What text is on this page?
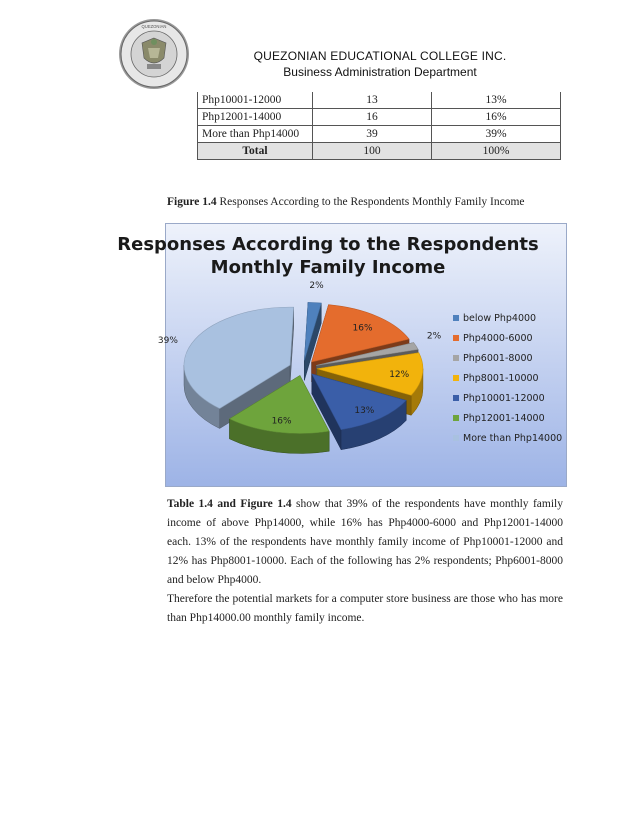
QUEZONIAN
QUEZONIAN EDUCATIONAL COLLEGE INC.
Business Administration Department
Php10001-12000	13	13%
Php12001-14000	16	16%
More than Php14000	39	39%
Total	100	100%
Figure 1.4 Responses According to the Respondents Monthly Family Income
Responses According to the Respondents
Monthly Family Income
2%
16%
2%
12%
13%
16%
39%
below Php4000
Php4000-6000
Php6001-8000
Php8001-10000
Php10001-12000
Php12001-14000
More than Php14000

Table 1.4 and Figure 1.4 show that 39% of the respondents have monthly family income of above Php14000, while 16% has Php4000-6000 and Php12001-14000 each. 13% of the respondents have monthly family income of Php10001-12000 and 12% has Php8001-10000. Each of the following has 2% respondents; Php6001-8000 and below Php4000.

Therefore the potential markets for a computer store business are those who has more than Php14000.00 monthly family income.
